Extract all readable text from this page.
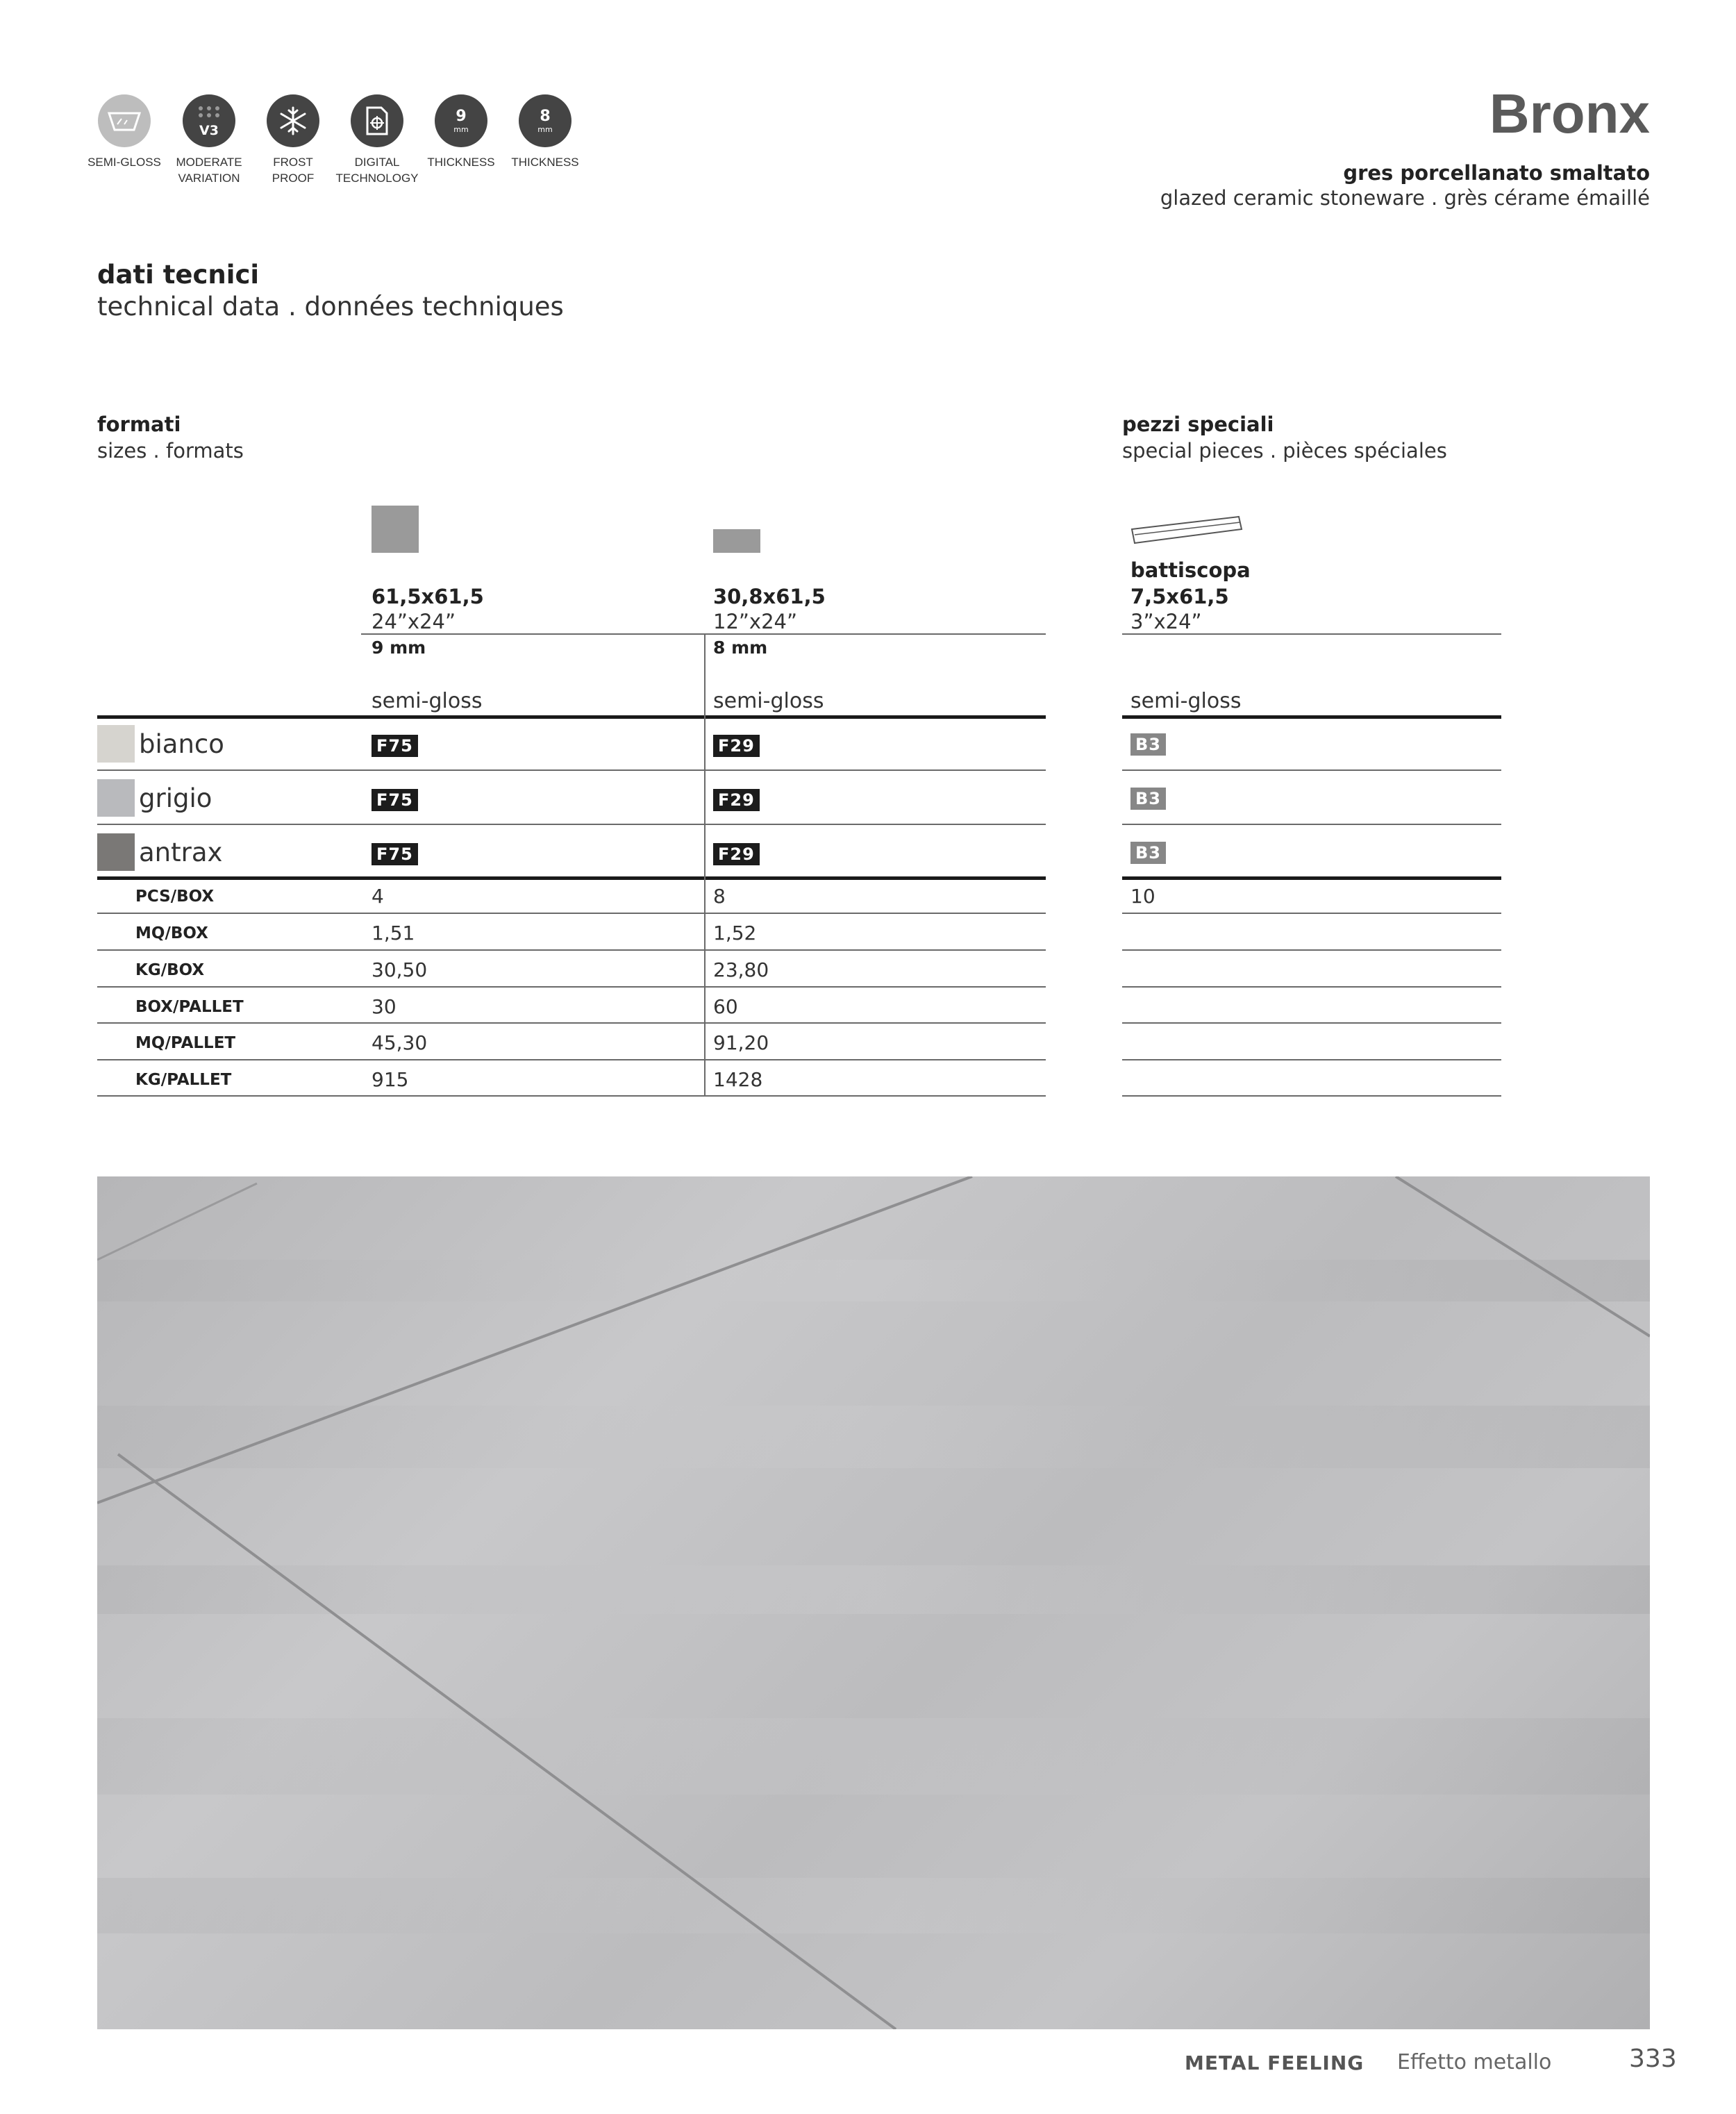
SEMI-GLOSS
V3
MODERATE
VARIATION
FROST
PROOF
DIGITAL
TECHNOLOGY
9
mm
THICKNESS
8
mm
THICKNESS
Bronx
gres porcellanato smaltato
glazed ceramic stoneware . grès cérame émaillé
dati tecnici
technical data . données techniques
formati
sizes . formats
pezzi speciali
special pieces . pièces spéciales
61,5x61,5
24”x24”
9 mm
semi-gloss
30,8x61,5
12”x24”
8 mm
semi-gloss
battiscopa
7,5x61,5
3”x24”
semi-gloss
bianco	F75	F29	B3
grigio	F75	F29	B3
antrax	F75	F29	B3
PCS/BOX	4	8	10
MQ/BOX	1,51	1,52
KG/BOX	30,50	23,80
BOX/PALLET	30	60
MQ/PALLET	45,30	91,20
KG/PALLET	915	1428
METAL FEELING Effetto metallo	333
